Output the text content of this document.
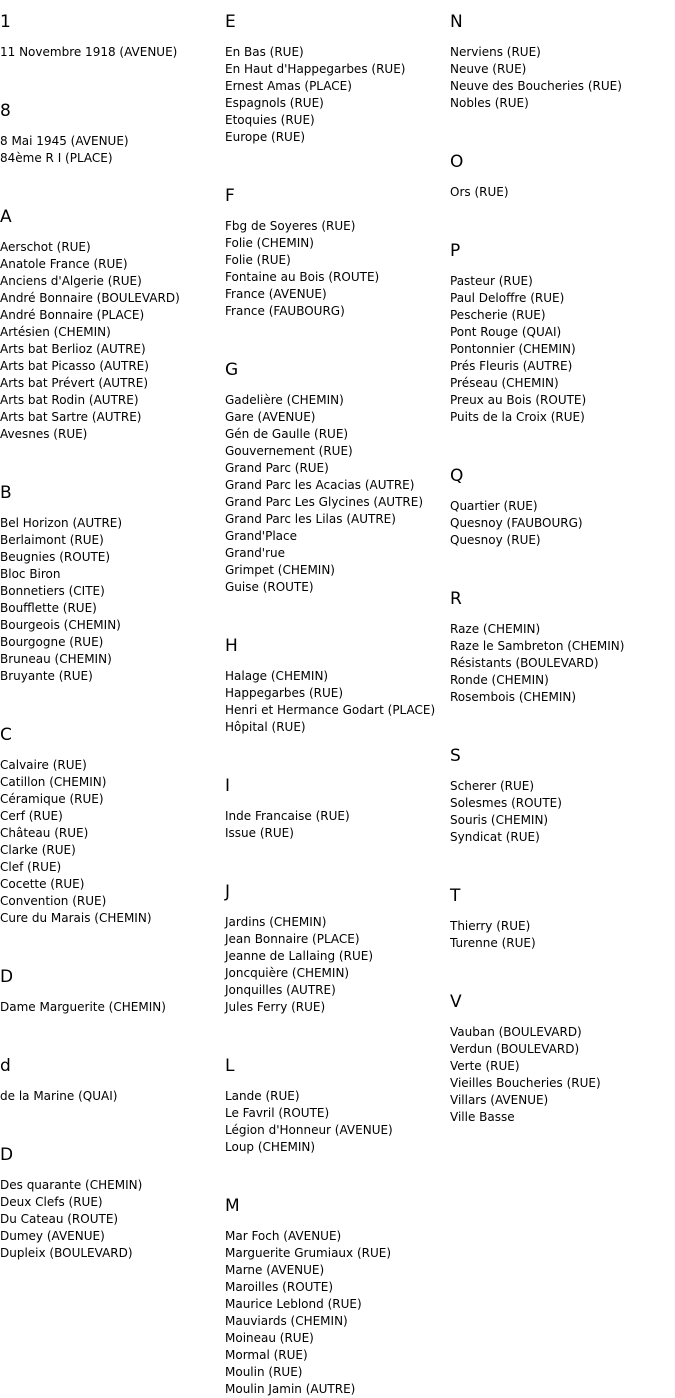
1
11 Novembre 1918 (AVENUE)
8
8 Mai 1945 (AVENUE)
84ème R I (PLACE)
A
Aerschot (RUE)
Anatole France (RUE)
Anciens d'Algerie (RUE)
André Bonnaire (BOULEVARD)
André Bonnaire (PLACE)
Artésien (CHEMIN)
Arts bat Berlioz (AUTRE)
Arts bat Picasso (AUTRE)
Arts bat Prévert (AUTRE)
Arts bat Rodin (AUTRE)
Arts bat Sartre (AUTRE)
Avesnes (RUE)
B
Bel Horizon (AUTRE)
Berlaimont (RUE)
Beugnies (ROUTE)
Bloc Biron
Bonnetiers (CITE)
Boufflette (RUE)
Bourgeois (CHEMIN)
Bourgogne (RUE)
Bruneau (CHEMIN)
Bruyante (RUE)
C
Calvaire (RUE)
Catillon (CHEMIN)
Céramique (RUE)
Cerf (RUE)
Château (RUE)
Clarke (RUE)
Clef (RUE)
Cocette (RUE)
Convention (RUE)
Cure du Marais (CHEMIN)
D
Dame Marguerite (CHEMIN)
d
de la Marine (QUAI)
D
Des quarante (CHEMIN)
Deux Clefs (RUE)
Du Cateau (ROUTE)
Dumey (AVENUE)
Dupleix (BOULEVARD)
E
En Bas (RUE)
En Haut d'Happegarbes (RUE)
Ernest Amas (PLACE)
Espagnols (RUE)
Etoquies (RUE)
Europe (RUE)
F
Fbg de Soyeres (RUE)
Folie (CHEMIN)
Folie (RUE)
Fontaine au Bois (ROUTE)
France (AVENUE)
France (FAUBOURG)
G
Gadelière (CHEMIN)
Gare (AVENUE)
Gén de Gaulle (RUE)
Gouvernement (RUE)
Grand Parc (RUE)
Grand Parc les Acacias (AUTRE)
Grand Parc Les Glycines (AUTRE)
Grand Parc les Lilas (AUTRE)
Grand'Place
Grand'rue
Grimpet (CHEMIN)
Guise (ROUTE)
H
Halage (CHEMIN)
Happegarbes (RUE)
Henri et Hermance Godart (PLACE)
Hôpital (RUE)
I
Inde Francaise (RUE)
Issue (RUE)
J
Jardins (CHEMIN)
Jean Bonnaire (PLACE)
Jeanne de Lallaing (RUE)
Joncquière (CHEMIN)
Jonquilles (AUTRE)
Jules Ferry (RUE)
L
Lande (RUE)
Le Favril (ROUTE)
Légion d'Honneur (AVENUE)
Loup (CHEMIN)
M
Mar Foch (AVENUE)
Marguerite Grumiaux (RUE)
Marne (AVENUE)
Maroilles (ROUTE)
Maurice Leblond (RUE)
Mauviards (CHEMIN)
Moineau (RUE)
Mormal (RUE)
Moulin (RUE)
Moulin Jamin (AUTRE)
N
Nerviens (RUE)
Neuve (RUE)
Neuve des Boucheries (RUE)
Nobles (RUE)
O
Ors (RUE)
P
Pasteur (RUE)
Paul Deloffre (RUE)
Pescherie (RUE)
Pont Rouge (QUAI)
Pontonnier (CHEMIN)
Prés Fleuris (AUTRE)
Préseau (CHEMIN)
Preux au Bois (ROUTE)
Puits de la Croix (RUE)
Q
Quartier (RUE)
Quesnoy (FAUBOURG)
Quesnoy (RUE)
R
Raze (CHEMIN)
Raze le Sambreton (CHEMIN)
Résistants (BOULEVARD)
Ronde (CHEMIN)
Rosembois (CHEMIN)
S
Scherer (RUE)
Solesmes (ROUTE)
Souris (CHEMIN)
Syndicat (RUE)
T
Thierry (RUE)
Turenne (RUE)
V
Vauban (BOULEVARD)
Verdun (BOULEVARD)
Verte (RUE)
Vieilles Boucheries (RUE)
Villars (AVENUE)
Ville Basse
